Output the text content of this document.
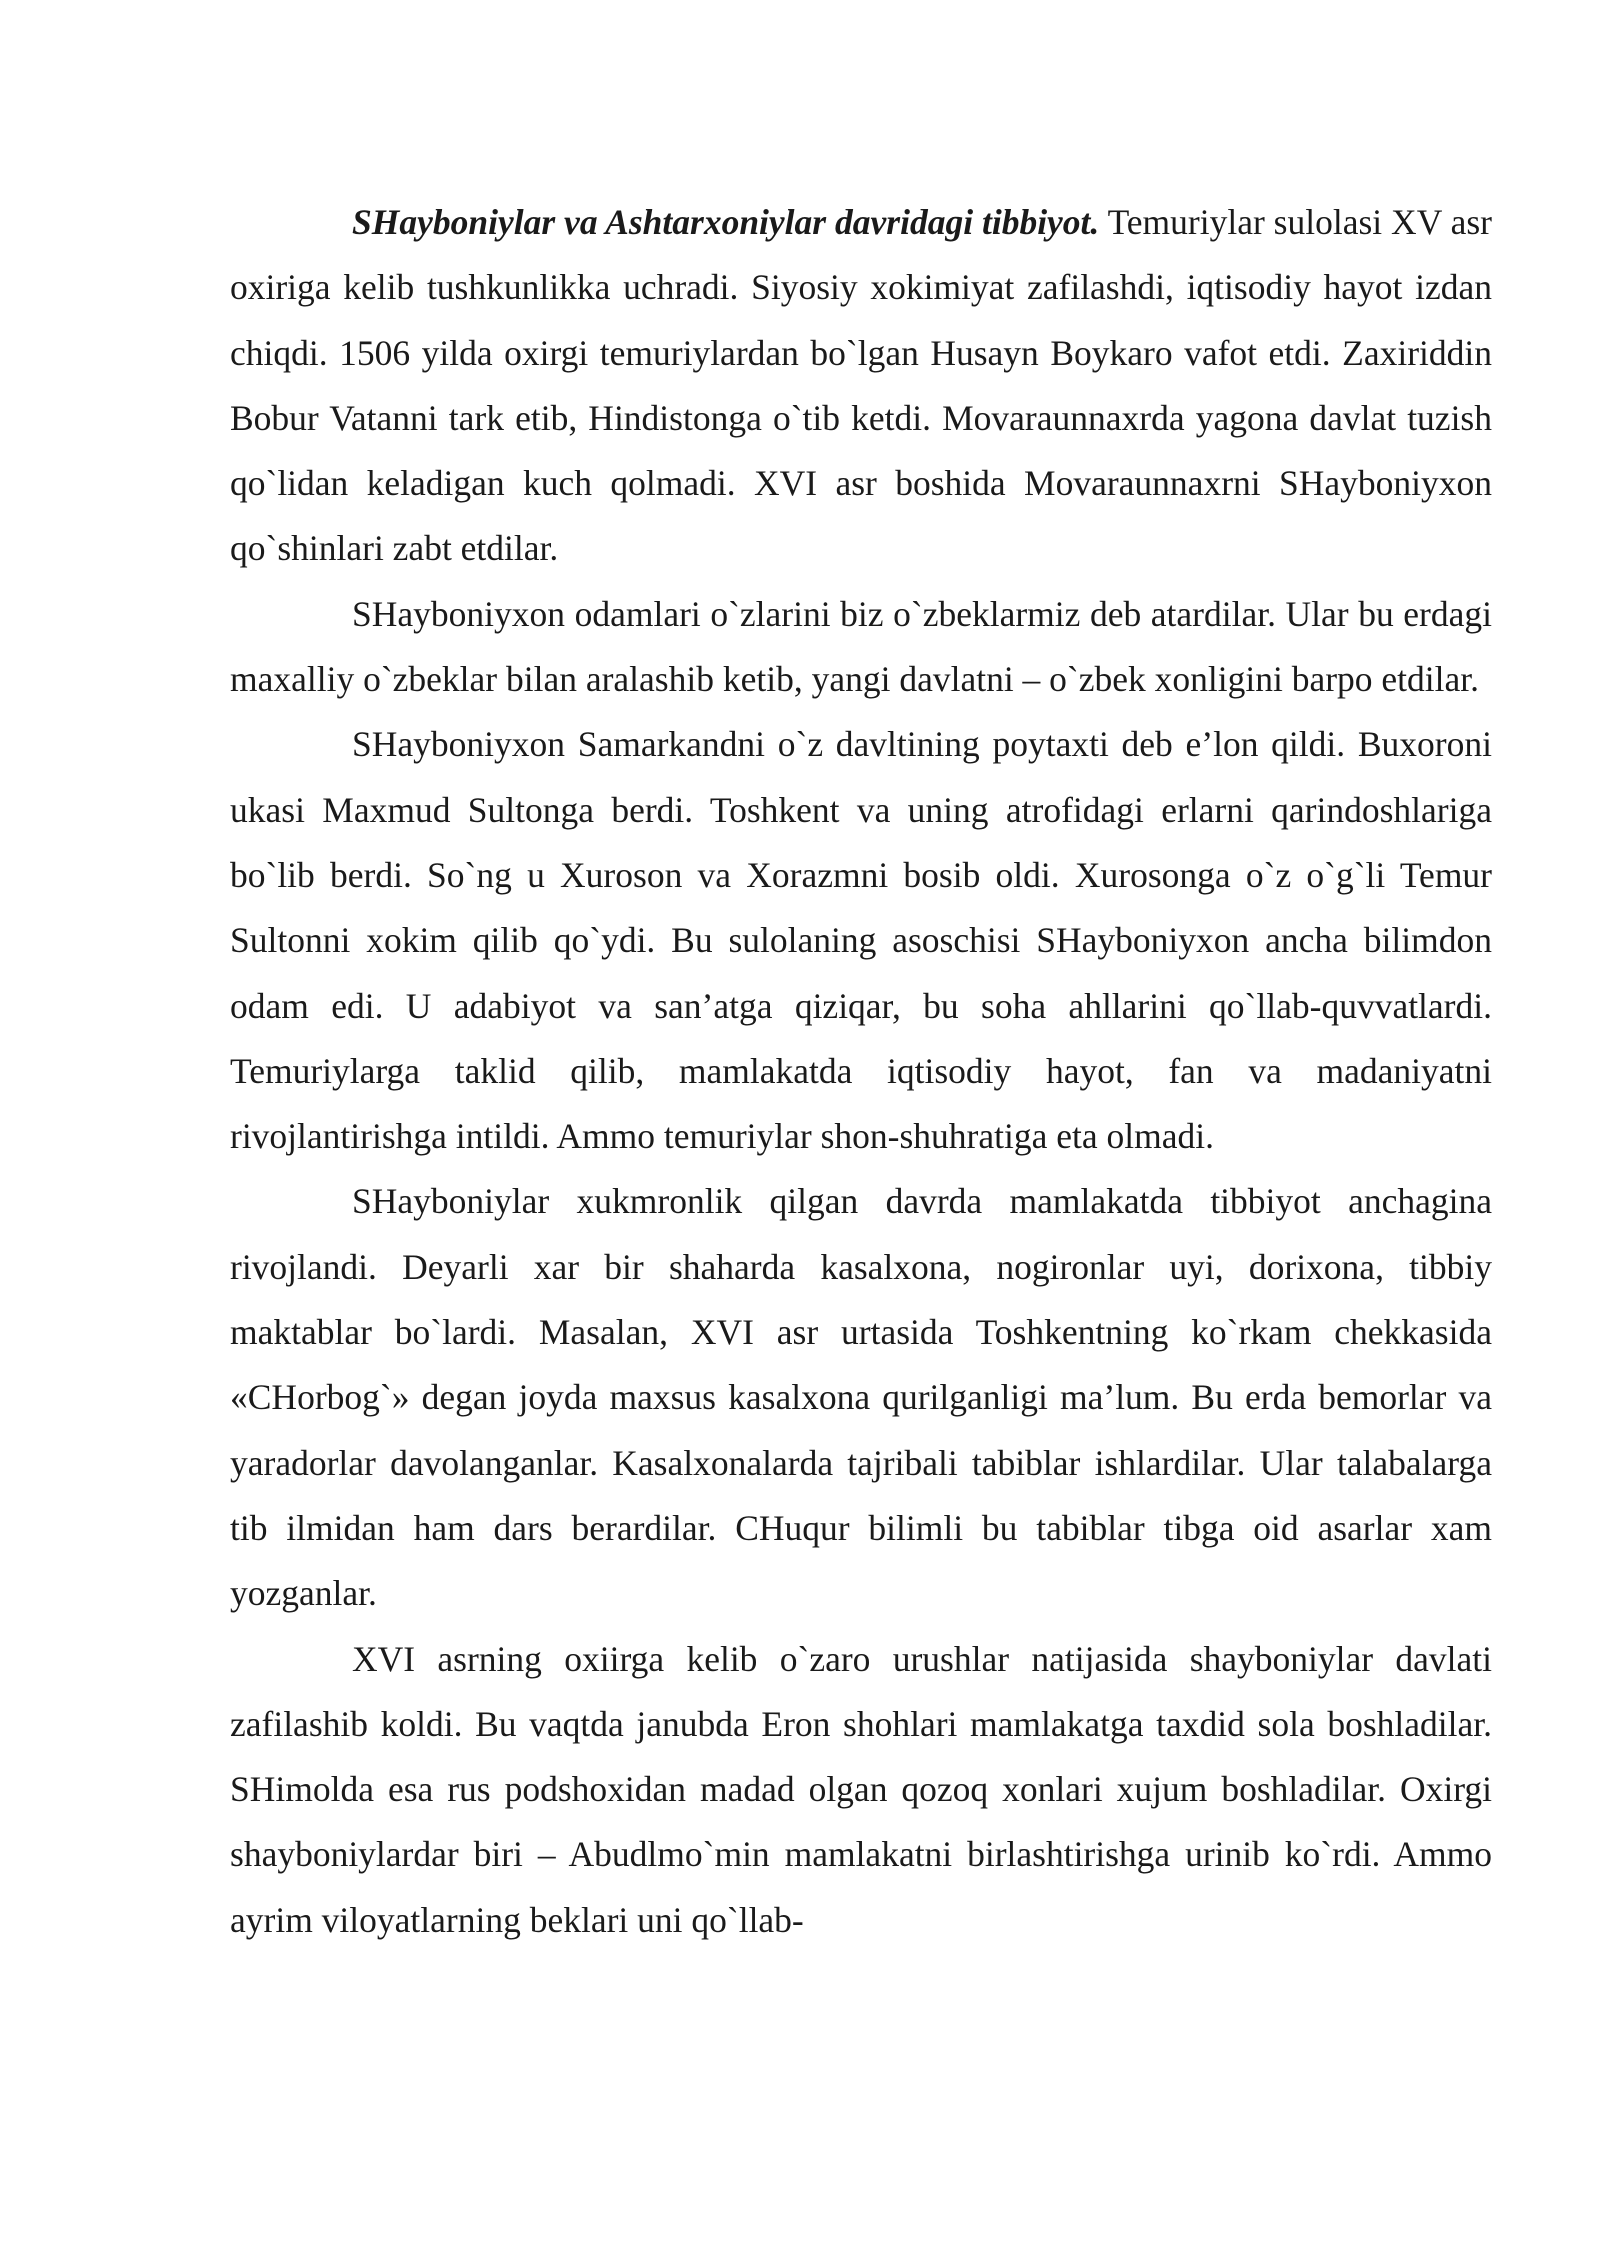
SHayboniylar va Ashtarxoniylar davridagi tibbiyot. Temuriylar sulolasi XV asr oxiriga kelib tushkunlikka uchradi. Siyosiy xokimiyat zafilashdi, iqtisodiy hayot izdan chiqdi. 1506 yilda oxirgi temuriylardan bo`lgan Husayn Boykaro vafot etdi. Zaxiriddin Bobur Vatanni tark etib, Hindistonga o`tib ketdi. Movaraunnaxrda yagona davlat tuzish qo`lidan keladigan kuch qolmadi. XVI asr boshida Movaraunnaxrni SHayboniyxon qo`shinlari zabt etdilar.

SHayboniyxon odamlari o`zlarini biz o`zbeklarmiz deb atardilar. Ular bu erdagi maxalliy o`zbeklar bilan aralashib ketib, yangi davlatni – o`zbek xonligini barpo etdilar.

SHayboniyxon Samarkandni o`z davltining poytaxti deb e’lon qildi. Buxoroni ukasi Maxmud Sultonga berdi. Toshkent va uning atrofidagi erlarni qarindoshlariga bo`lib berdi. So`ng u Xuroson va Xorazmni bosib oldi. Xurosonga o`z o`g`li Temur Sultonni xokim qilib qo`ydi. Bu sulolaning asoschisi SHayboniyxon ancha bilimdon odam edi. U adabiyot va san’atga qiziqar, bu soha ahllarini qo`llab-quvvatlardi. Temuriylarga taklid qilib, mamlakatda iqtisodiy hayot, fan va madaniyatni rivojlantirishga intildi. Ammo temuriylar shon-shuhratiga eta olmadi.

SHayboniylar xukmronlik qilgan davrda mamlakatda tibbiyot anchagina rivojlandi. Deyarli xar bir shaharda kasalxona, nogironlar uyi, dorixona, tibbiy maktablar bo`lardi. Masalan, XVI asr urtasida Toshkentning ko`rkam chekkasida «CHorbog`» degan joyda maxsus kasalxona qurilganligi ma’lum. Bu erda bemorlar va yaradorlar davolanganlar. Kasalxonalarda tajribali tabiblar ishlardilar. Ular talabalarga tib ilmidan ham dars berardilar. CHuqur bilimli bu tabiblar tibga oid asarlar xam yozganlar.

XVI asrning oxiirga kelib o`zaro urushlar natijasida shayboniylar davlati zafilashib koldi. Bu vaqtda janubda Eron shohlari mamlakatga taxdid sola boshladilar. SHimolda esa rus podshoxidan madad olgan qozoq xonlari xujum boshladilar. Oxirgi shayboniylardar biri – Abudlmo`min mamlakatni birlashtirishga urinib ko`rdi. Ammo ayrim viloyatlarning beklari uni qo`llab-
